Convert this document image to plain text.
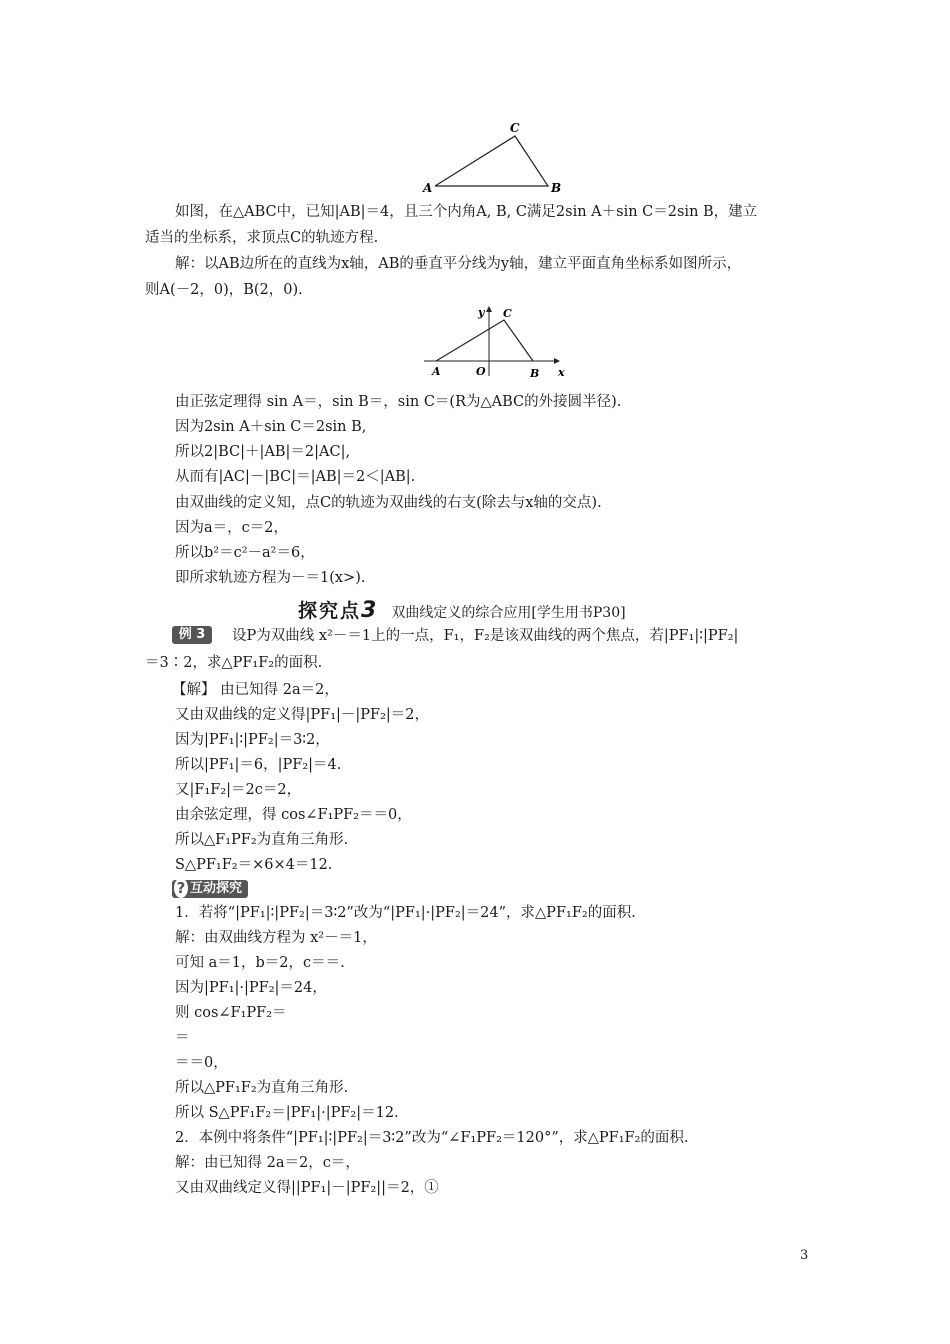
C
A	B
如图，在△ABC中，已知|AB|＝4，且三个内角A, B, C满足2sin A＋sin C＝2sin B，建立
适当的坐标系，求顶点C的轨迹方程.
解：以AB边所在的直线为x轴，AB的垂直平分线为y轴，建立平面直角坐标系如图所示，
则A(－2，0)，B(2，0).
y C
A	O	B x
由正弦定理得 sin A＝，sin B＝，sin C＝(R为△ABC的外接圆半径).
因为2sin A＋sin C＝2sin B,
所以2|BC|＋|AB|＝2|AC|,
从而有|AC|－|BC|＝|AB|＝2＜|AB|.
由双曲线的定义知，点C的轨迹为双曲线的右支(除去与x轴的交点).
因为a＝，c＝2，
所以b²＝c²－a²＝6，
即所求轨迹方程为－＝1(x>).
探究点3 双曲线定义的综合应用[学生用书P30]
例 3	设P为双曲线 x²－＝1上的一点，F₁，F₂是该双曲线的两个焦点，若|PF₁|∶|PF₂|
＝3∶2，求△PF₁F₂的面积.
【解】 由已知得 2a＝2，
又由双曲线的定义得|PF₁|－|PF₂|＝2，
因为|PF₁|∶|PF₂|＝3∶2，
所以|PF₁|＝6，|PF₂|＝4.
又|F₁F₂|＝2c＝2，
由余弦定理，得 cos∠F₁PF₂＝＝0，
所以△F₁PF₂为直角三角形.
S△PF₁F₂＝×6×4＝12.
? 互动探究
1．若将“|PF₁|∶|PF₂|＝3∶2”改为“|PF₁|·|PF₂|＝24”，求△PF₁F₂的面积.
解：由双曲线方程为 x²－＝1，
可知 a＝1，b＝2，c＝＝.
因为|PF₁|·|PF₂|＝24，
则 cos∠F₁PF₂＝
＝
＝＝0，
所以△PF₁F₂为直角三角形.
所以 S△PF₁F₂＝|PF₁|·|PF₂|＝12.
2．本例中将条件“|PF₁|∶|PF₂|＝3∶2”改为“∠F₁PF₂＝120°”，求△PF₁F₂的面积.
解：由已知得 2a＝2，c＝，
又由双曲线定义得||PF₁|－|PF₂||＝2，①
3
